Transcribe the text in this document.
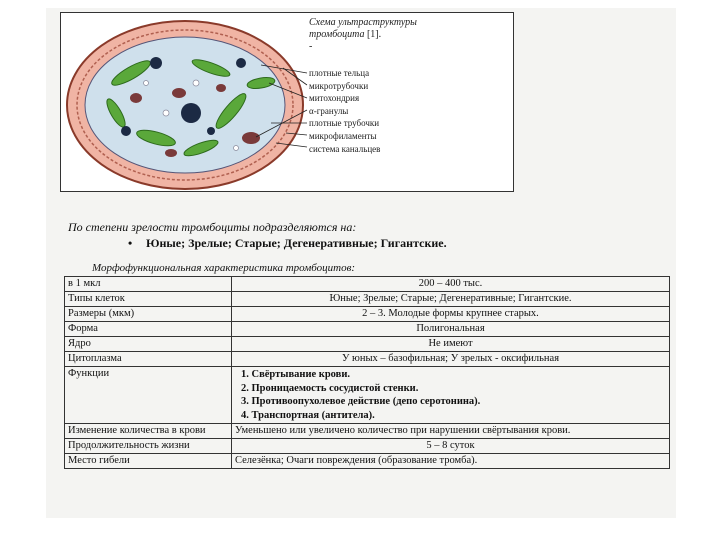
Схема ультраструктуры
тромбоцита [1].
-
плотные тельца
микротрубочки
митохондрия
α-гранулы
плотные трубочки
микрофиламенты
система канальцев
По степени зрелости тромбоциты подразделяются на:
• Юные; Зрелые; Старые; Дегенеративные; Гигантские.
Морфофункциональная характеристика тромбоцитов:
в 1 мкл	200 – 400 тыс.
Типы клеток	Юные; Зрелые; Старые; Дегенеративные; Гигантские.
Размеры (мкм)	2 – 3. Молодые формы крупнее старых.
Форма	Полигональная
Ядро	Не имеют
Цитоплазма	У юных – базофильная; У зрелых - оксифильная
Функции	1. Свёртывание крови.
2. Проницаемость сосудистой стенки.
3. Противоопухолевое действие (депо серотонина).
4. Транспортная (антитела).

Изменение количества в крови	Уменьшено или увеличено количество при нарушении свёртывания крови.
Продолжительность жизни	5 – 8 суток
Место гибели	Селезёнка; Очаги повреждения (образование тромба).
